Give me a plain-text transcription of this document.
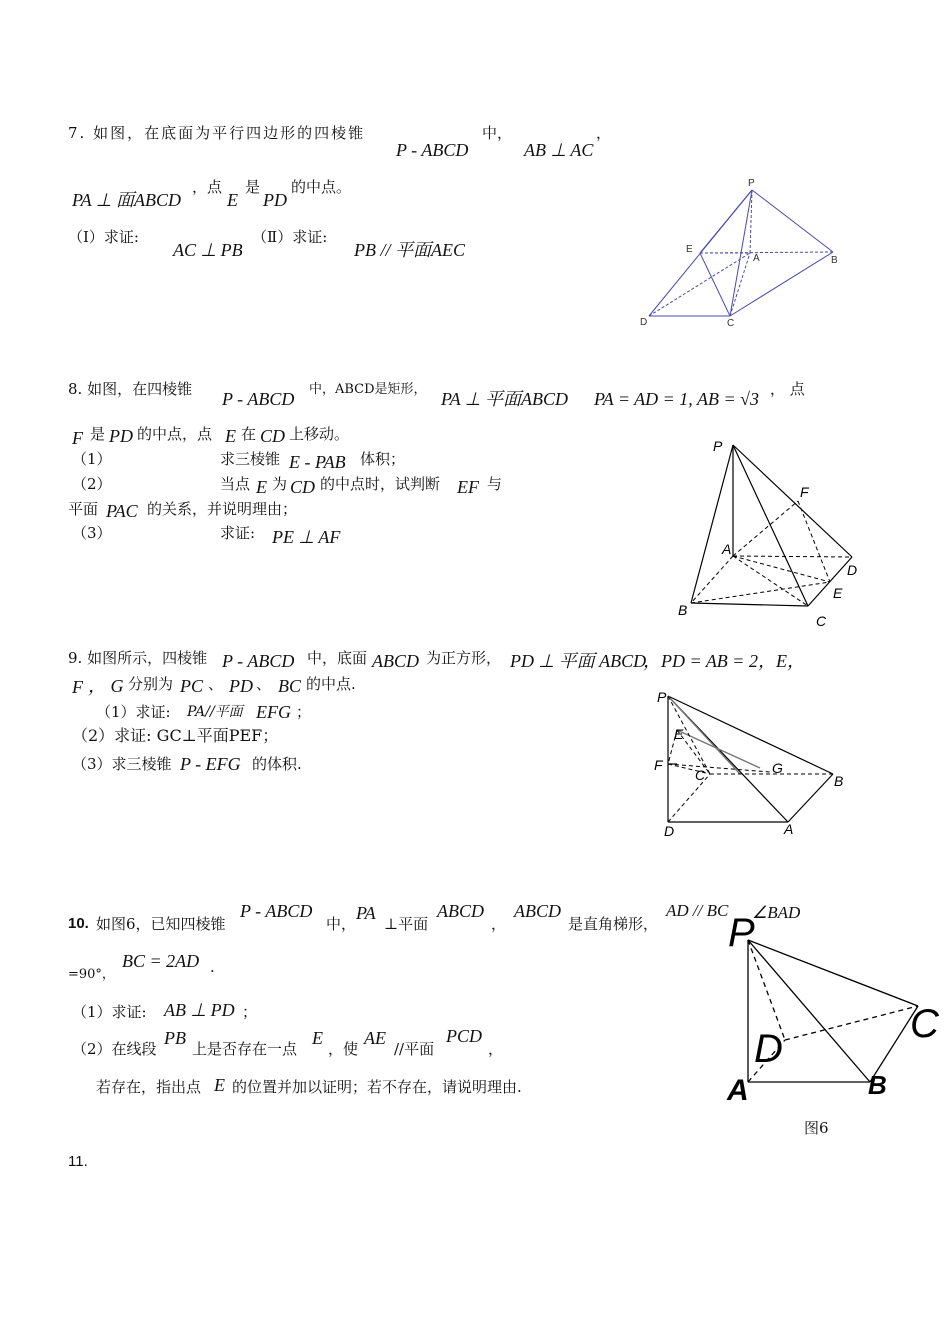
7. 如图，在底面为平行四边形的四棱锥
P - ABCD
中，
AB ⊥ AC
，
PA ⊥ 面ABCD
，点
E
是
PD
的中点。
（Ⅰ）求证:
AC ⊥ PB
（Ⅱ）求证:
PB // 平面AEC
P
E
A	B
D	C
8. 如图，在四棱锥 P - ABCD 中，ABCD是矩形， PA ⊥ 平面ABCD PA = AD = 1, AB = √3 ， 点
F 是 PD 的中点，点 E 在 CD 上移动。
（1）	求三棱锥 E - PAB 体积；
（2）	当点 E 为 CD 的中点时，试判断 EF 与
平面 PAC 的关系，并说明理由；
（3）	求证: PE ⊥ AF
P
F
A
D
E
B
C
9. 如图所示，四棱锥 P - ABCD 中，底面 ABCD 为正方形， PD ⊥ 平面 ABCD
，PD = AB = 2，E，
F ， G 分别为 PC 、 PD 、 BC 的中点.
（1）求证: PA//平面 EFG ；
（2）求证: GC⊥平面PEF；
（3）求三棱锥 P - EFG 的体积.
P
E
F
C	G
B
D	A
10. 如图6，已知四棱锥
P - ABCD
中，
PA
⊥平面
ABCD
，
ABCD
是直角梯形，
AD // BC ∠BAD
=90°，
BC = 2AD .
（1）求证: AB ⊥ PD ；
（2）在线段
PB
上是否存在一点
E
，使
AE
//平面
PCD
，
若存在，指出点 E 的位置并加以证明；若不存在，请说明理由.
P
D
C
A	B
图6
11.
